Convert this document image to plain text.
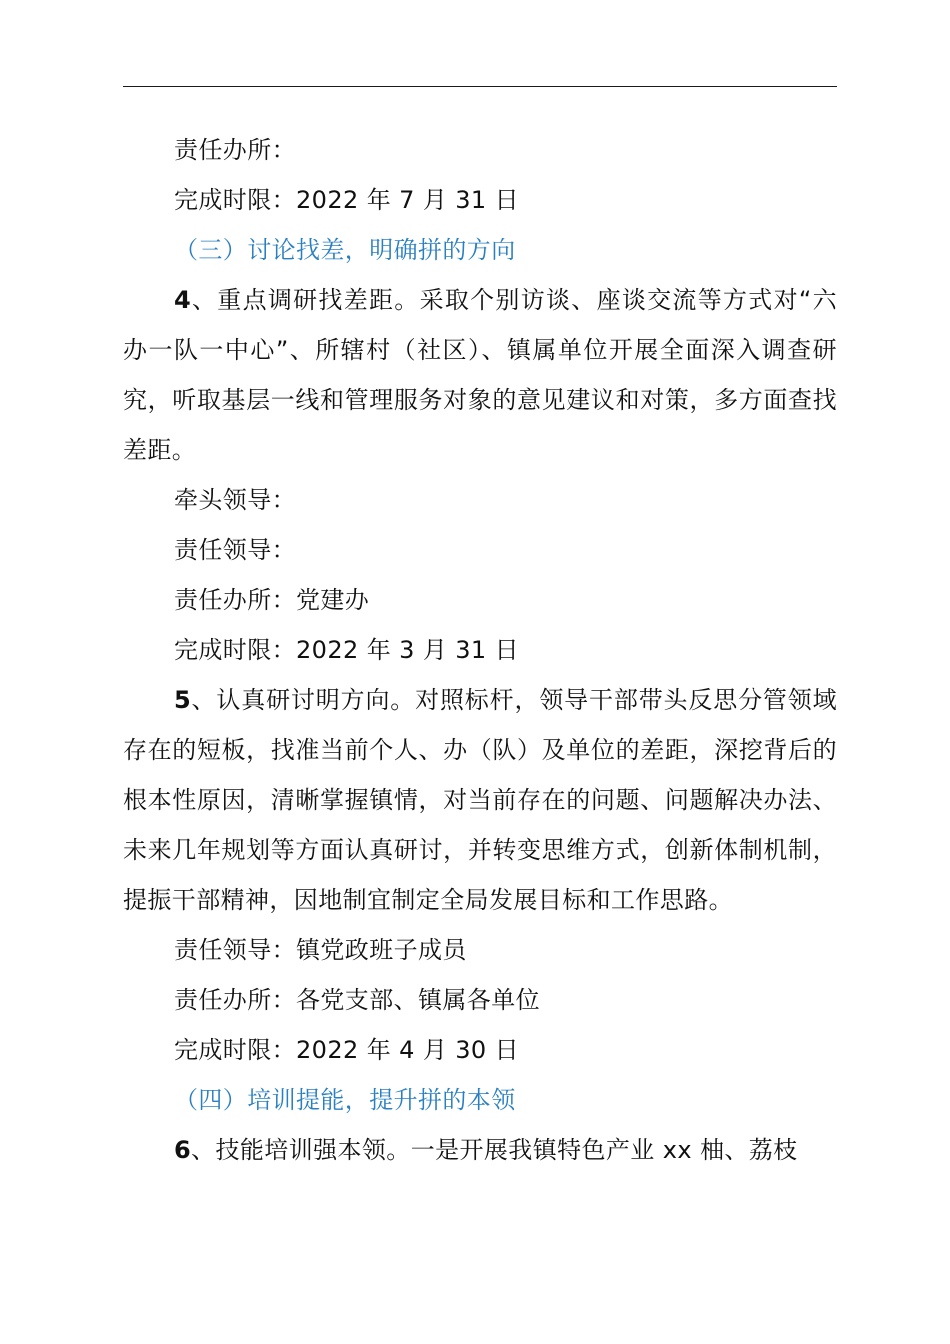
责任办所：

完成时限：2022 年 7 月 31 日

（三）讨论找差，明确拼的方向

4、重点调研找差距。采取个别访谈、座谈交流等方式对“六办一队一中心”、所辖村（社区）、镇属单位开展全面深入调查研究，听取基层一线和管理服务对象的意见建议和对策，多方面查找差距。

牵头领导：

责任领导：

责任办所：党建办

完成时限：2022 年 3 月 31 日

5、认真研讨明方向。对照标杆，领导干部带头反思分管领域存在的短板，找准当前个人、办（队）及单位的差距，深挖背后的根本性原因，清晰掌握镇情，对当前存在的问题、问题解决办法、未来几年规划等方面认真研讨，并转变思维方式，创新体制机制，提振干部精神，因地制宜制定全局发展目标和工作思路。

责任领导：镇党政班子成员

责任办所：各党支部、镇属各单位

完成时限：2022 年 4 月 30 日

（四）培训提能，提升拼的本领

6、技能培训强本领。一是开展我镇特色产业 xx 柚、荔枝
